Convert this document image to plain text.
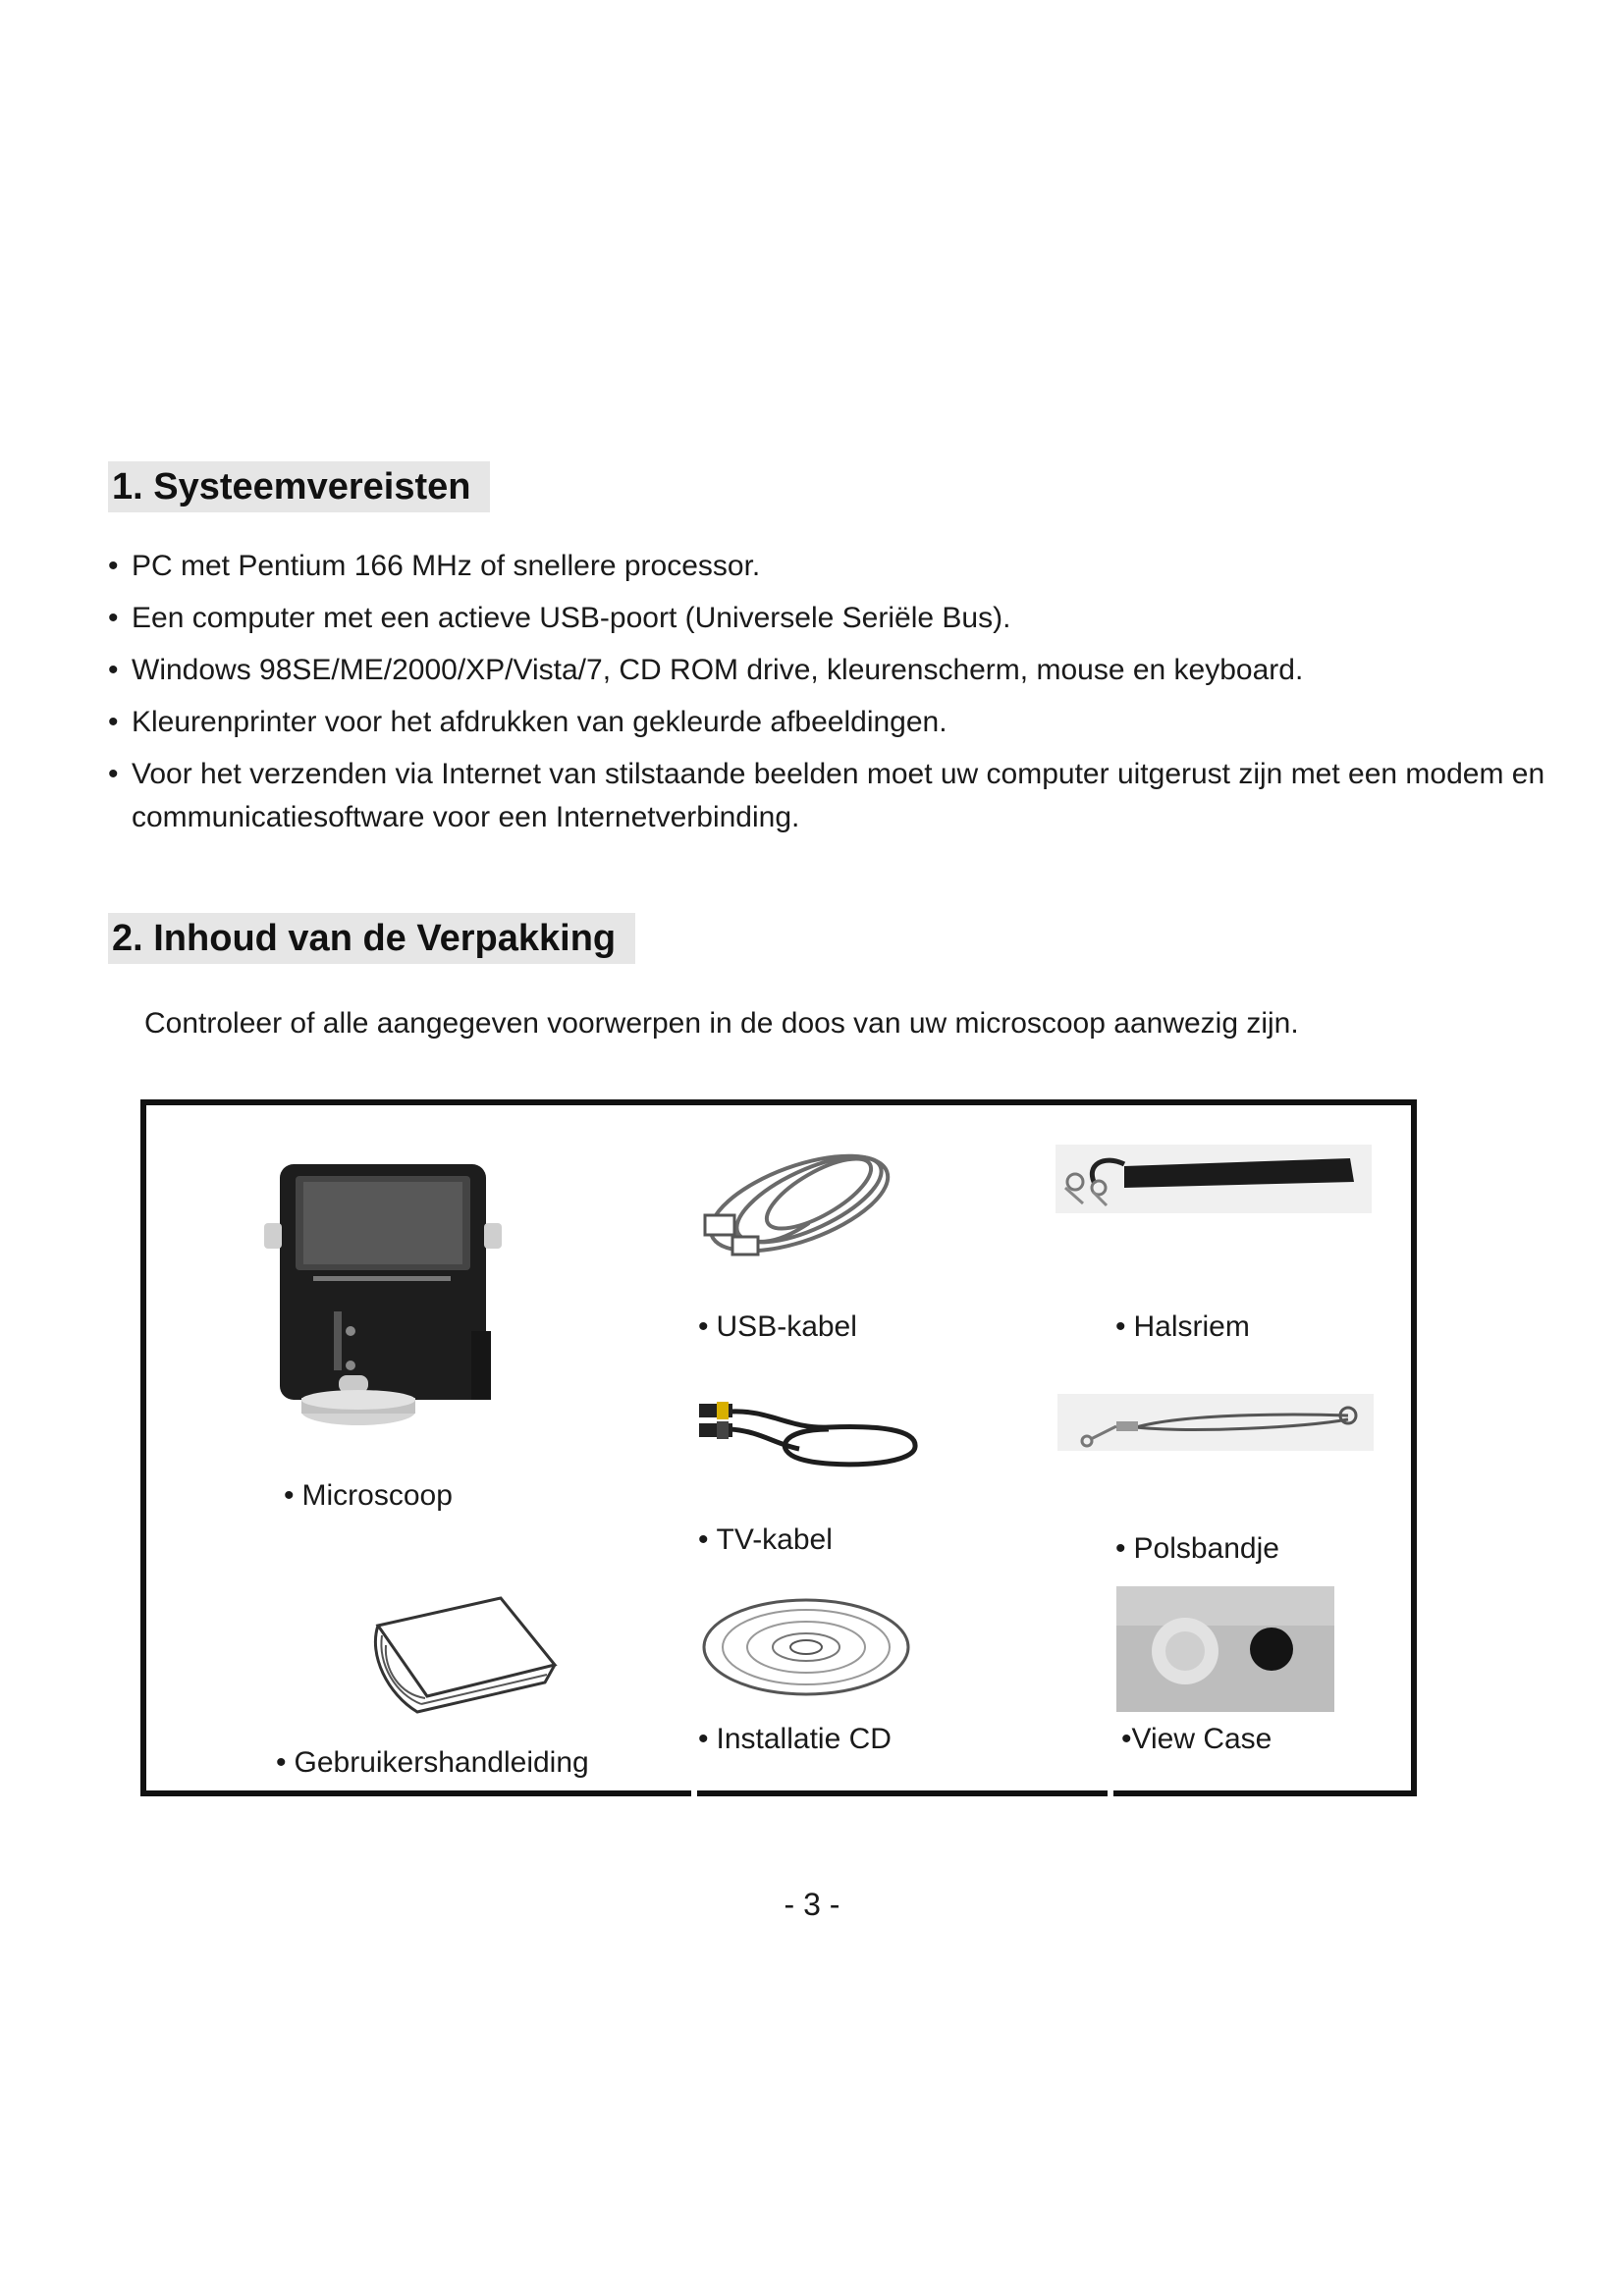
1. Systeemvereisten
• PC met Pentium 166 MHz of snellere processor.
• Een computer met een actieve USB-poort (Universele Seriële Bus).
• Windows 98SE/ME/2000/XP/Vista/7, CD ROM drive, kleurenscherm, mouse en keyboard.
• Kleurenprinter voor het afdrukken van gekleurde afbeeldingen.
• Voor het verzenden via Internet van stilstaande beelden moet uw computer uitgerust zijn met een modem en communicatiesoftware voor een Internetverbinding.
2. Inhoud van de Verpakking
Controleer of alle aangegeven voorwerpen in de doos van uw microscoop aanwezig zijn.
• Microscoop
• USB-kabel	• Halsriem
• TV-kabel	• Polsbandje
• Gebruikershandleiding
• Installatie CD	•View Case
- 3 -
